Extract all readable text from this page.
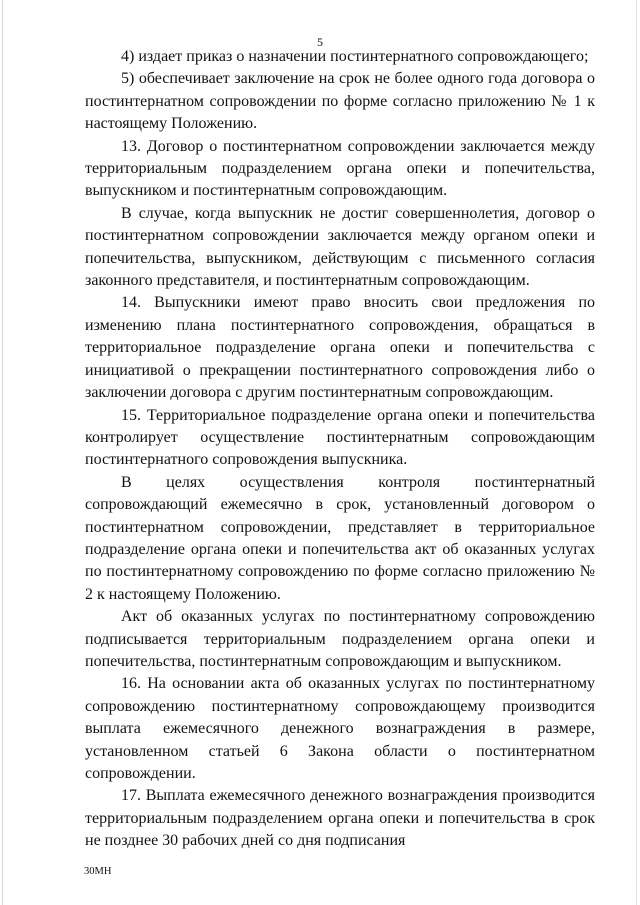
5

4) издает приказ о назначении постинтернатного сопровождающего;

5) обеспечивает заключение на срок не более одного года договора о постинтернатном сопровождении по форме согласно приложению № 1 к настоящему Положению.

13. Договор о постинтернатном сопровождении заключается между территориальным подразделением органа опеки и попечительства, выпускником и постинтернатным сопровождающим.

В случае, когда выпускник не достиг совершеннолетия, договор о постинтернатном сопровождении заключается между органом опеки и попечительства, выпускником, действующим с письменного согласия законного представителя, и постинтернатным сопровождающим.

14. Выпускники имеют право вносить свои предложения по изменению плана постинтернатного сопровождения, обращаться в территориальное подразделение органа опеки и попечительства с инициативой о прекращении постинтернатного сопровождения либо о заключении договора с другим постинтернатным сопровождающим.

15. Территориальное подразделение органа опеки и попечительства контролирует осуществление постинтернатным сопровождающим постинтернатного сопровождения выпускника.

В целях осуществления контроля постинтернатный сопровождающий ежемесячно в срок, установленный договором о постинтернатном сопровождении, представляет в территориальное подразделение органа опеки и попечительства акт об оказанных услугах по постинтернатному сопровождению по форме согласно приложению № 2 к настоящему Положению.

Акт об оказанных услугах по постинтернатному сопровождению подписывается территориальным подразделением органа опеки и попечительства, постинтернатным сопровождающим и выпускником.

16. На основании акта об оказанных услугах по постинтернатному сопровождению постинтернатному сопровождающему производится выплата ежемесячного денежного вознаграждения в размере, установленном статьей 6 Закона области о постинтернатном сопровождении.

17. Выплата ежемесячного денежного вознаграждения производится территориальным подразделением органа опеки и попечительства в срок не позднее 30 рабочих дней со дня подписания

30МН
